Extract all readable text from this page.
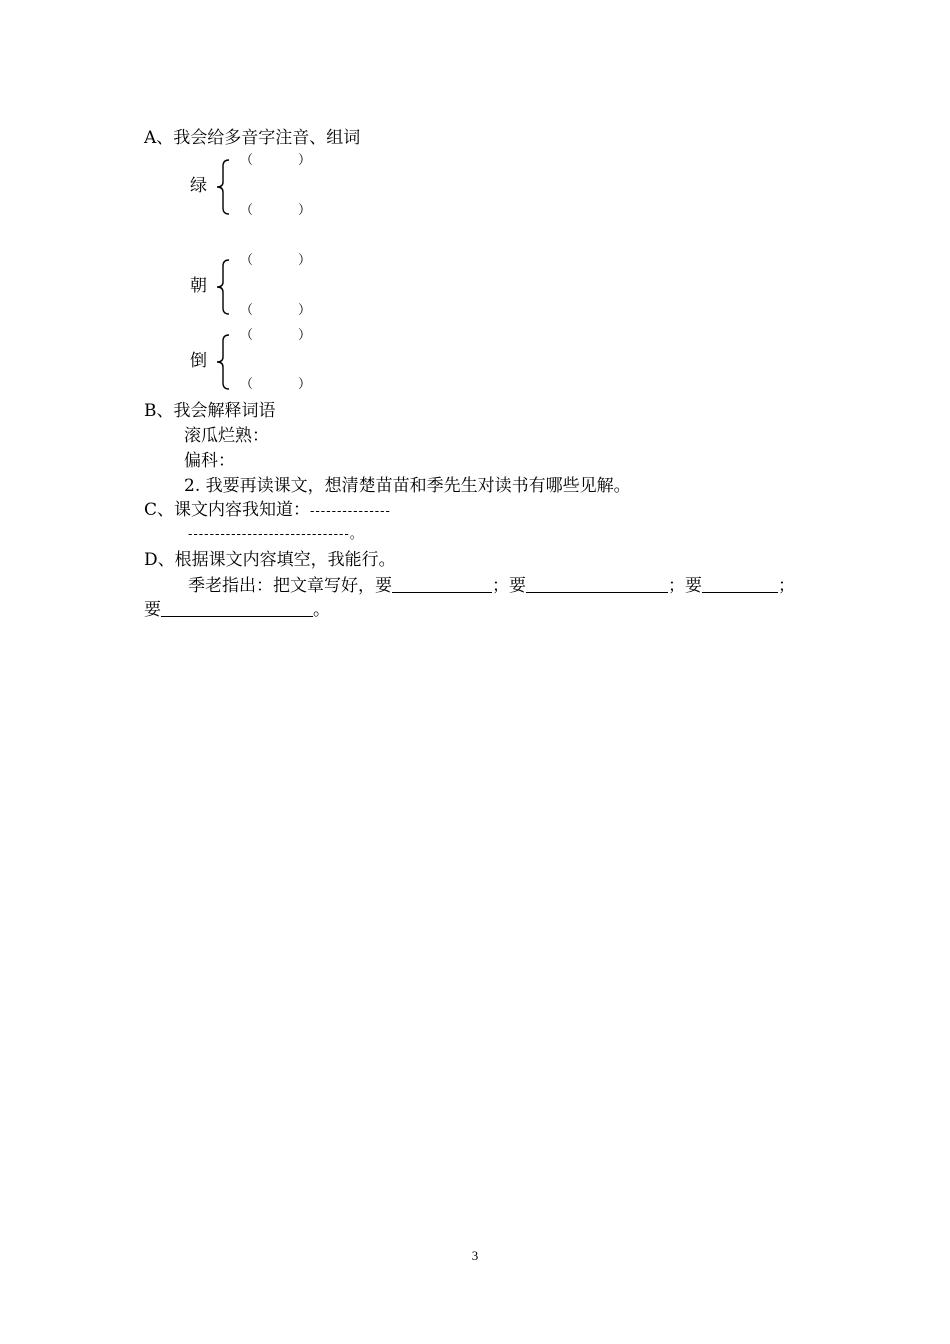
A、我会给多音字注音、组词
绿
（	）
（	）
朝
（	）
（	）
倒
（	）
（	）
B、我会解释词语
滚瓜烂熟：
偏科：
2. 我要再读课文，想清楚苗苗和季先生对读书有哪些见解。
C、课文内容我知道：---------------
------------------------------。
D、根据课文内容填空，我能行。
季老指出：把文章写好，要	；要	；要	；
要	。
3
